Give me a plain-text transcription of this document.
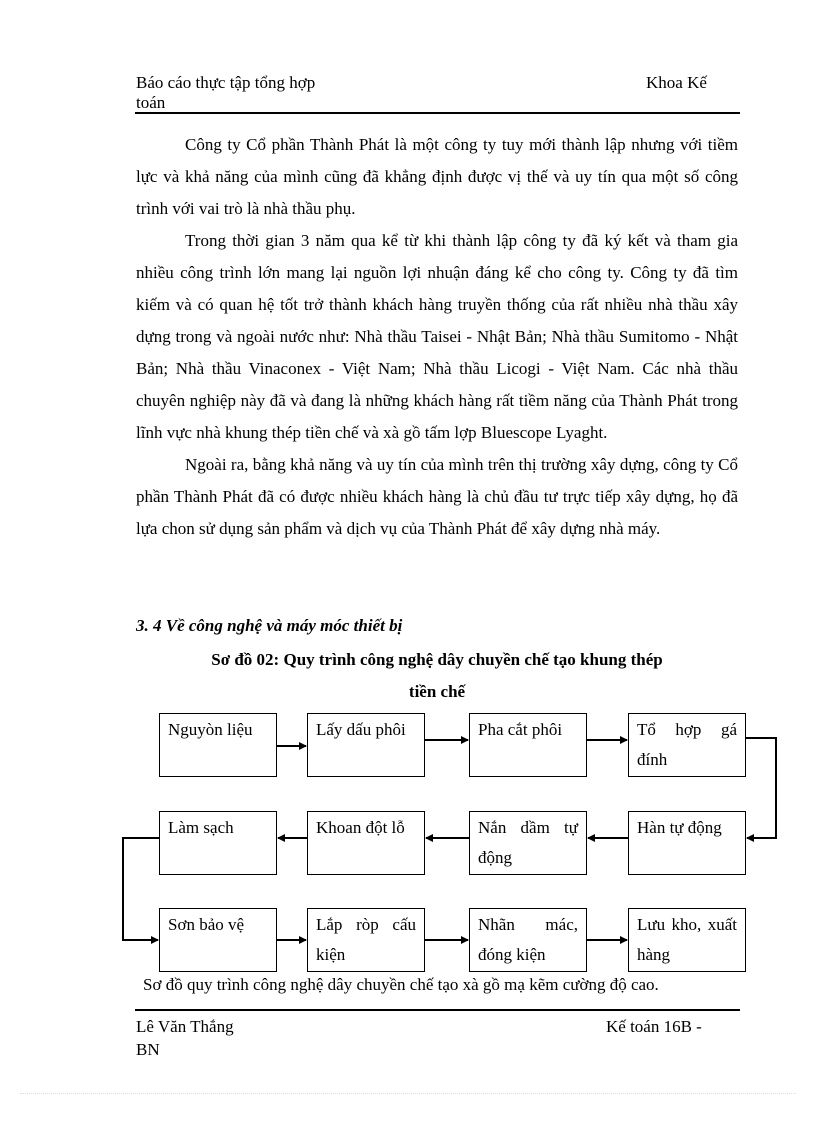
Báo cáo thực tập tổng hợp
toán
Khoa Kế

Công ty Cổ phần Thành Phát là một công ty tuy mới thành lập nhưng với tiềm lực và khả năng của mình cũng đã khẳng định được vị thế và uy tín qua một số công trình với vai trò là nhà thầu phụ.

Trong thời gian 3 năm qua kể từ khi thành lập công ty đã ký kết và tham gia nhiều công trình lớn mang lại nguồn lợi nhuận đáng kể cho công ty. Công ty đã tìm kiếm và có quan hệ tốt trở thành khách hàng truyền thống của rất nhiều nhà thầu xây dựng trong và ngoài nước như: Nhà thầu Taisei - Nhật Bản; Nhà thầu Sumitomo - Nhật Bản; Nhà thầu Vinaconex - Việt Nam; Nhà thầu Licogi - Việt Nam. Các nhà thầu chuyên nghiệp này đã và đang là những khách hàng rất tiềm năng của Thành Phát trong lĩnh vực nhà khung thép tiền chế và xà gồ tấm lợp Bluescope Lyaght.

Ngoài ra, bằng khả năng và uy tín của mình trên thị trường xây dựng, công ty Cổ phần Thành Phát đã có được nhiều khách hàng là chủ đầu tư trực tiếp xây dựng, họ đã lựa chon sử dụng sản phẩm và dịch vụ của Thành Phát để xây dựng nhà máy.

3. 4 Về công nghệ và máy móc thiết bị
Sơ đồ 02: Quy trình công nghệ dây chuyền chế tạo khung thép
tiền chế
Nguyòn liệu	Lấy dấu phôi	Pha cắt phôi	Tổ hợp gá
đính
Làm sạch	Khoan đột lỗ	Nắn dầm tự
động
Hàn tự động
Sơn bảo vệ	Lắp ròp cấu
kiện
Nhãn mác,
đóng kiện
Lưu kho, xuất
hàng
Sơ đồ quy trình công nghệ dây chuyền chế tạo xà gồ mạ kẽm cường độ cao.
Lê Văn Thắng
BN
Kế toán 16B -
